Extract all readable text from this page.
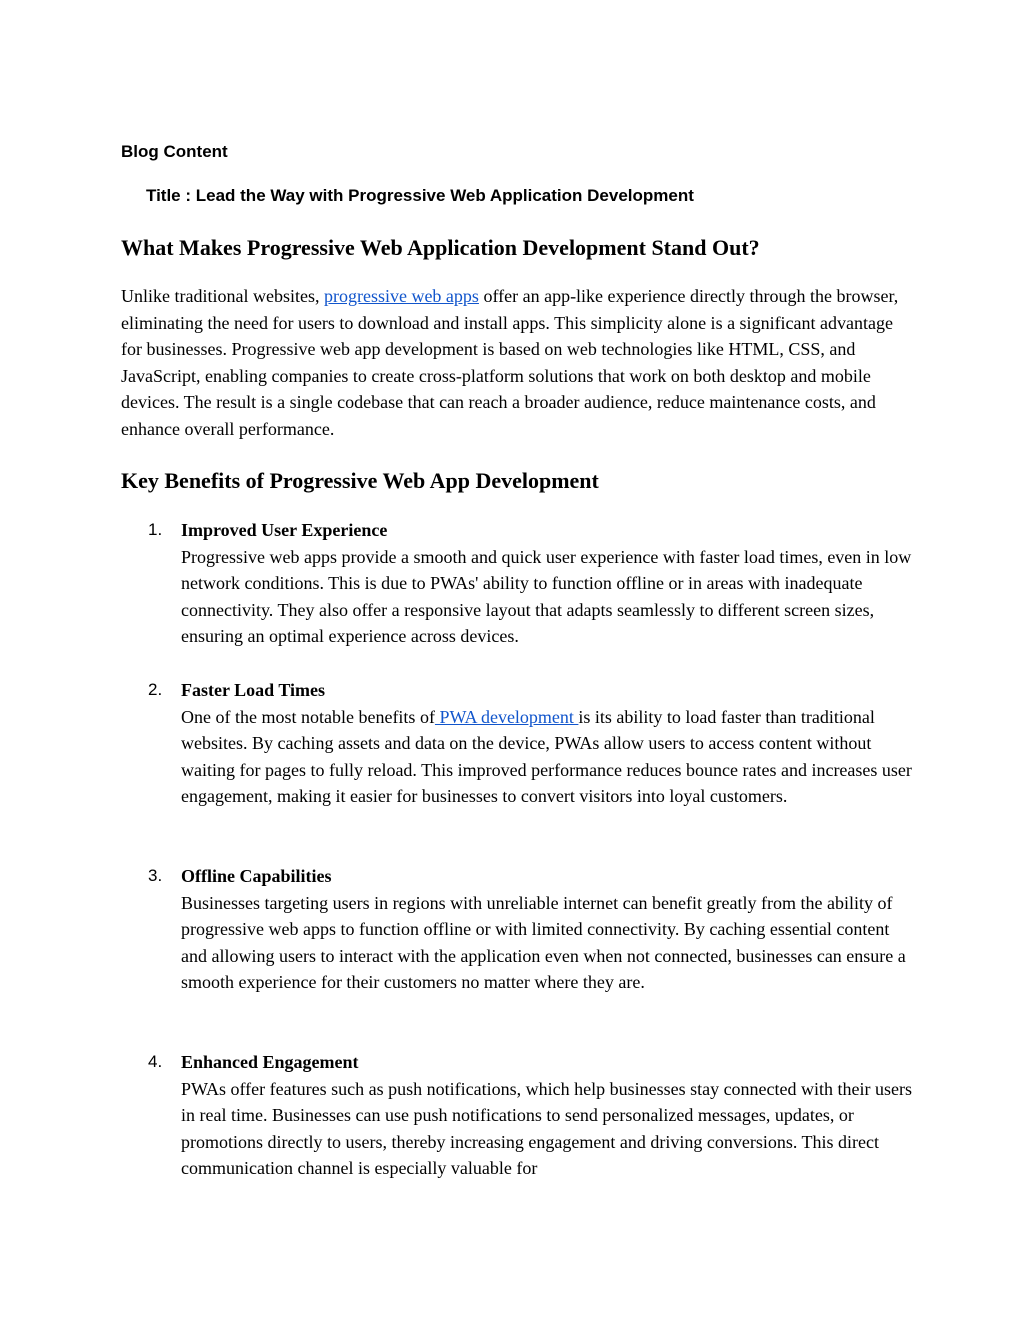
Blog Content

Title : Lead the Way with Progressive Web Application Development

What Makes Progressive Web Application Development Stand Out?

Unlike traditional websites, progressive web apps offer an app-like experience directly through the browser, eliminating the need for users to download and install apps. This simplicity alone is a significant advantage for businesses. Progressive web app development is based on web technologies like HTML, CSS, and JavaScript, enabling companies to create cross-platform solutions that work on both desktop and mobile devices. The result is a single codebase that can reach a broader audience, reduce maintenance costs, and enhance overall performance.

Key Benefits of Progressive Web App Development
1. Improved User Experience

Progressive web apps provide a smooth and quick user experience with faster load times, even in low network conditions. This is due to PWAs' ability to function offline or in areas with inadequate connectivity. They also offer a responsive layout that adapts seamlessly to different screen sizes, ensuring an optimal experience across devices.

2. Faster Load Times

One of the most notable benefits of PWA development is its ability to load faster than traditional websites. By caching assets and data on the device, PWAs allow users to access content without waiting for pages to fully reload. This improved performance reduces bounce rates and increases user engagement, making it easier for businesses to convert visitors into loyal customers.

3. Offline Capabilities

Businesses targeting users in regions with unreliable internet can benefit greatly from the ability of progressive web apps to function offline or with limited connectivity. By caching essential content and allowing users to interact with the application even when not connected, businesses can ensure a smooth experience for their customers no matter where they are.

4. Enhanced Engagement

PWAs offer features such as push notifications, which help businesses stay connected with their users in real time. Businesses can use push notifications to send personalized messages, updates, or promotions directly to users, thereby increasing engagement and driving conversions. This direct communication channel is especially valuable for
